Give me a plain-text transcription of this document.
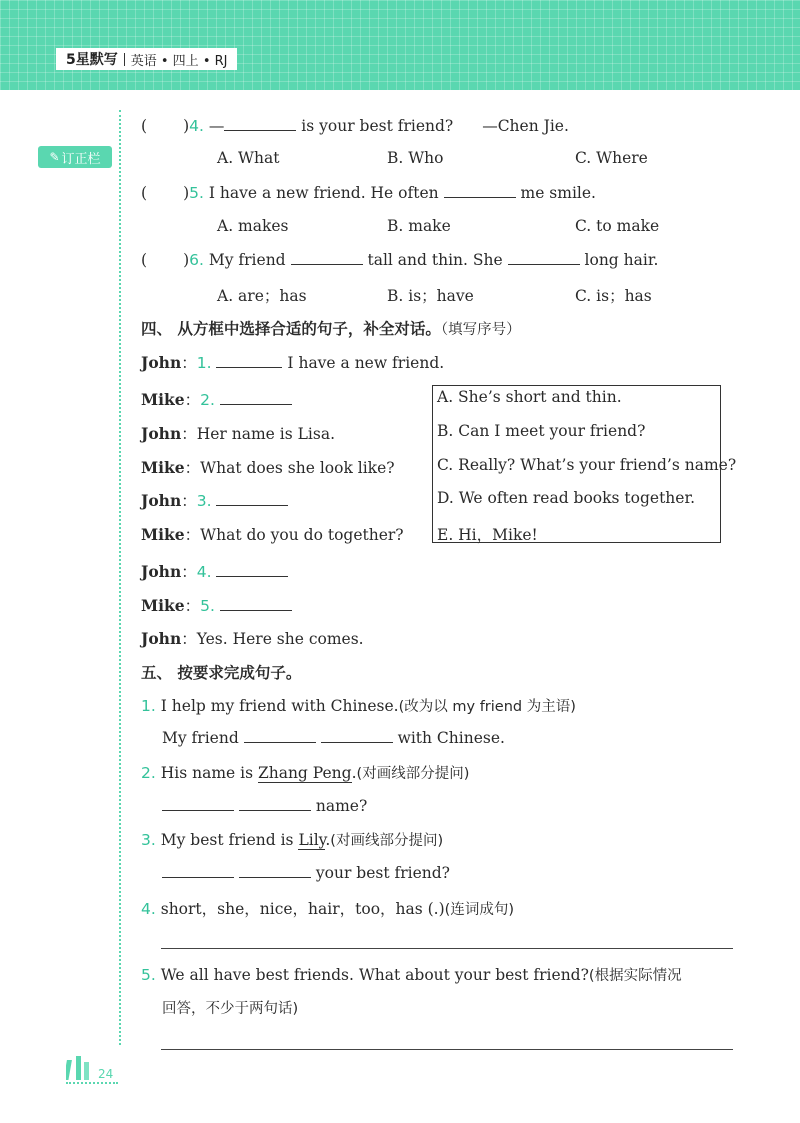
5星默写 英语 • 四上 • RJ
✎ 订正栏
( )4. —	is your best friend? —Chen Jie.
A. What	B. Who	C. Where
( )5. I have a new friend. He often	me smile.
A. makes	B. make	C. to make
( )6. My friend	tall and thin. She	long hair.
A. are；has	B. is；have	C. is；has
四、 从方框中选择合适的句子，补全对话。（填写序号）
John：1.	I have a new friend.
Mike：2.
John：Her name is Lisa.
Mike：What does she look like?
John：3.
Mike：What do you do together?
John：4.
Mike：5.
John：Yes. Here she comes.
A. She’s short and thin.
B. Can I meet your friend?
C. Really? What’s your friend’s name?
D. We often read books together.
E. Hi，Mike!
五、 按要求完成句子。
1. I help my friend with Chinese.(改为以 my friend 为主语)
My friend	with Chinese.
2. His name is Zhang Peng.(对画线部分提问)
name?
3. My best friend is Lily.(对画线部分提问)
your best friend?
4. short，she，nice，hair，too，has (.)(连词成句)
5. We all have best friends. What about your best friend?(根据实际情况
回答，不少于两句话)
24
